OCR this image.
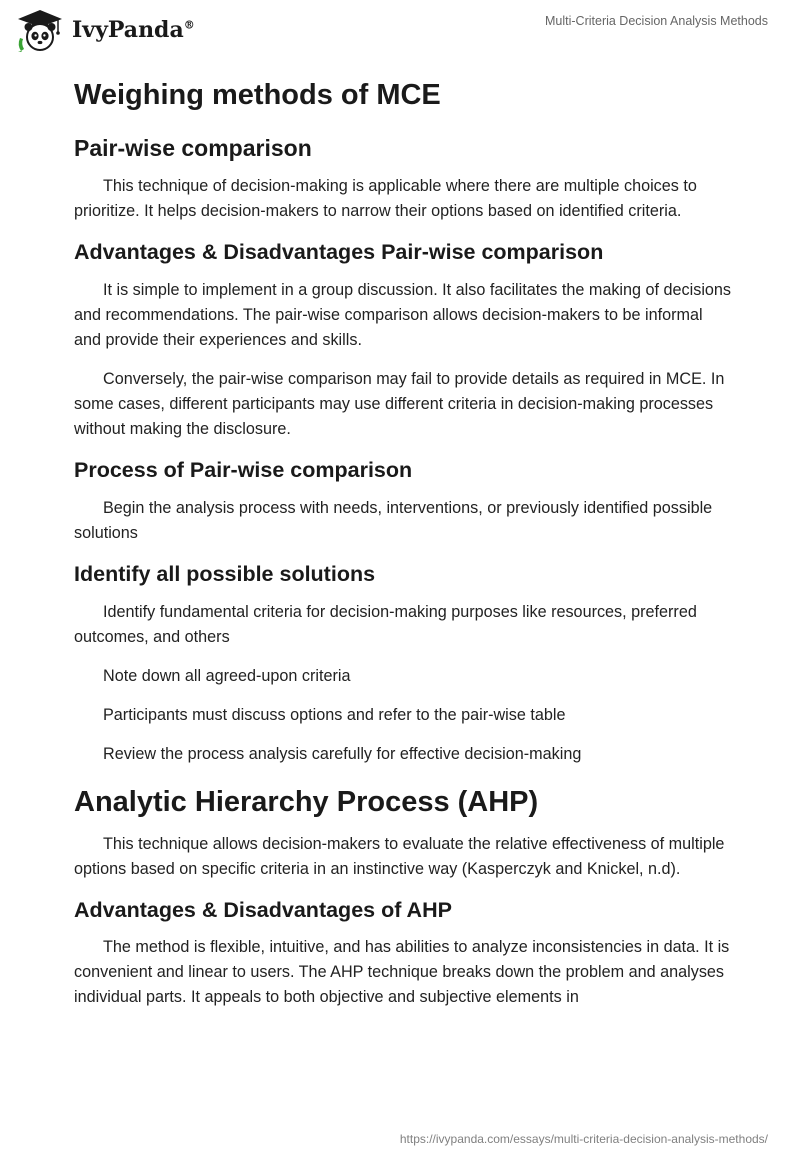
IvyPanda®	Multi-Criteria Decision Analysis Methods
Weighing methods of MCE
Pair-wise comparison

This technique of decision-making is applicable where there are multiple choices to prioritize. It helps decision-makers to narrow their options based on identified criteria.

Advantages & Disadvantages Pair-wise comparison

It is simple to implement in a group discussion. It also facilitates the making of decisions and recommendations. The pair-wise comparison allows decision-makers to be informal and provide their experiences and skills.

Conversely, the pair-wise comparison may fail to provide details as required in MCE. In some cases, different participants may use different criteria in decision-making processes without making the disclosure.

Process of Pair-wise comparison

Begin the analysis process with needs, interventions, or previously identified possible solutions

Identify all possible solutions

Identify fundamental criteria for decision-making purposes like resources, preferred outcomes, and others

Note down all agreed-upon criteria

Participants must discuss options and refer to the pair-wise table

Review the process analysis carefully for effective decision-making

Analytic Hierarchy Process (AHP)

This technique allows decision-makers to evaluate the relative effectiveness of multiple options based on specific criteria in an instinctive way (Kasperczyk and Knickel, n.d).

Advantages & Disadvantages of AHP

The method is flexible, intuitive, and has abilities to analyze inconsistencies in data. It is convenient and linear to users. The AHP technique breaks down the problem and analyses individual parts. It appeals to both objective and subjective elements in

https://ivypanda.com/essays/multi-criteria-decision-analysis-methods/
